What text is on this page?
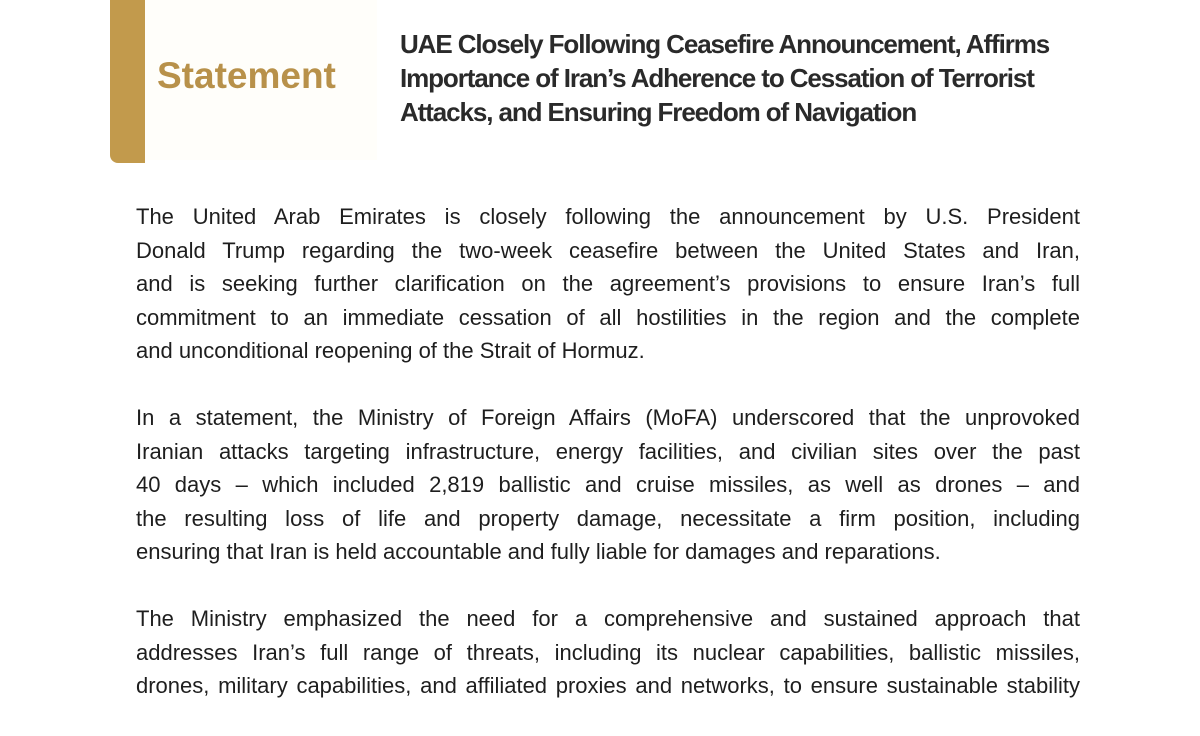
Statement
UAE Closely Following Ceasefire Announcement, Affirms
Importance of Iran’s Adherence to Cessation of Terrorist
Attacks, and Ensuring Freedom of Navigation

The United Arab Emirates is closely following the announcement by U.S. President
Donald Trump regarding the two-week ceasefire between the United States and Iran,
and is seeking further clarification on the agreement’s provisions to ensure Iran’s full
commitment to an immediate cessation of all hostilities in the region and the complete
and unconditional reopening of the Strait of Hormuz.

In a statement, the Ministry of Foreign Affairs (MoFA) underscored that the unprovoked
Iranian attacks targeting infrastructure, energy facilities, and civilian sites over the past
40 days – which included 2,819 ballistic and cruise missiles, as well as drones – and
the resulting loss of life and property damage, necessitate a firm position, including
ensuring that Iran is held accountable and fully liable for damages and reparations.

The Ministry emphasized the need for a comprehensive and sustained approach that
addresses Iran’s full range of threats, including its nuclear capabilities, ballistic missiles,
drones, military capabilities, and affiliated proxies and networks, to ensure sustainable stability
